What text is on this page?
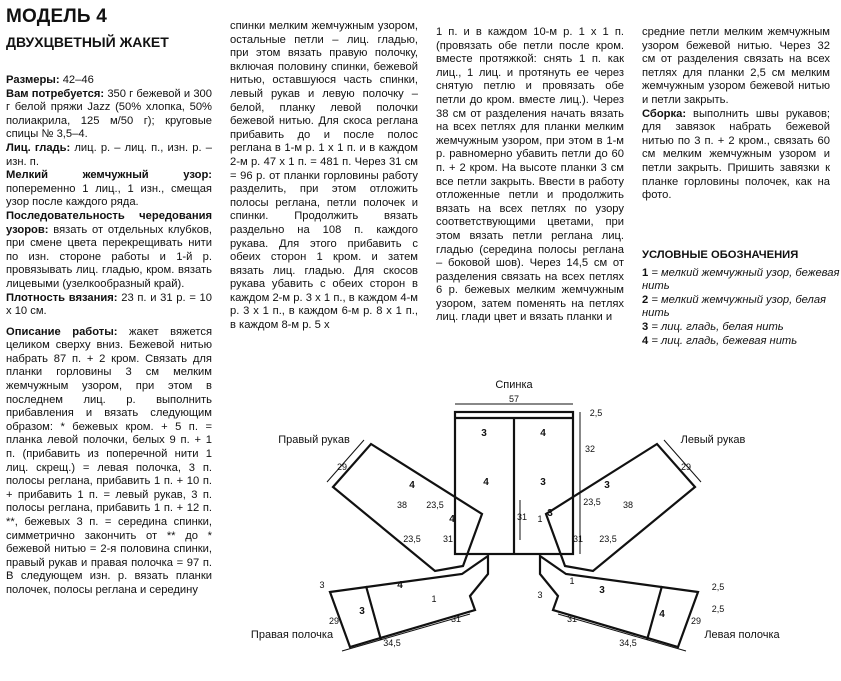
МОДЕЛЬ 4
ДВУХЦВЕТНЫЙ ЖАКЕТ

Размеры: 42–46

Вам потребуется: 350 г бежевой и 300 г белой пряжи Jazz (50% хлопка, 50% полиакрила, 125 м/50 г); круговые спицы № 3,5–4.

Лиц. гладь: лиц. р. – лиц. п., изн. р. – изн. п.

Мелкий жемчужный узор: попеременно 1 лиц., 1 изн., смещая узор после каждого ряда.

Последовательность чередования узоров: вязать от отдельных клубков, при смене цвета перекрещивать нити по изн. стороне работы и 1-й р. провязывать лиц. гладью, кром. вязать лицевыми (узелкообразный край).

Плотность вязания: 23 п. и 31 р. = 10 х 10 см.

Описание работы: жакет вяжется целиком сверху вниз. Бежевой нитью набрать 87 п. + 2 кром. Связать для планки горловины 3 см мелким жемчужным узором, при этом в последнем лиц. р. выполнить прибавления и вязать следующим образом: * бежевых кром. + 5 п. = планка левой полочки, белых 9 п. + 1 п. (прибавить из поперечной нити 1 лиц. скрещ.) = левая полочка, 3 п. полосы реглана, прибавить 1 п. + 10 п. + прибавить 1 п. = левый рукав, 3 п. полосы реглана, прибавить 1 п. + 12 п. **, бежевых 3 п. = середина спинки, симметрично закончить от ** до * бежевой нитью = 2-я половина спинки, правый рукав и правая полочка = 97 п. В следующем изн. р. вязать планки полочек, полосы реглана и середину

спинки мелким жемчужным узором, остальные петли – лиц. гладью, при этом вязать правую полочку, включая половину спинки, бежевой нитью, оставшуюся часть спинки, левый рукав и левую полочку – белой, планку левой полочки бежевой нитью. Для скоса реглана прибавить до и после полос реглана в 1-м р. 1 х 1 п. и в каждом 2-м р. 47 х 1 п. = 481 п. Через 31 см = 96 р. от планки горловины работу разделить, при этом отложить полосы реглана, петли полочек и спинки. Продолжить вязать раздельно на 108 п. каждого рукава. Для этого прибавить с обеих сторон 1 кром. и затем вязать лиц. гладью. Для скосов рукава убавить с обеих сторон в каждом 2-м р. 3 х 1 п., в каждом 4-м р. 3 х 1 п., в каждом 6-м р. 8 х 1 п., в каждом 8-м р. 5 х

1 п. и в каждом 10-м р. 1 х 1 п. (провязать обе петли после кром. вместе протяжкой: снять 1 п. как лиц., 1 лиц. и протянуть ее через снятую петлю и провязать обе петли до кром. вместе лиц.). Через 38 см от разделения начать вязать на всех петлях для планки мелким жемчужным узором, при этом в 1-м р. равномерно убавить петли до 60 п. + 2 кром. На высоте планки 3 см все петли закрыть. Ввести в работу отложенные петли и продолжить вязать на всех петлях по узору соответствующими цветами, при этом вязать петли реглана лиц. гладью (середина полосы реглана – боковой шов). Через 14,5 см от разделения связать на всех петлях 6 р. бежевых мелким жемчужным узором, затем поменять на петлях лиц. глади цвет и вязать планки и

средние петли мелким жемчужным узором бежевой нитью. Через 32 см от разделения связать на всех петлях для планки 2,5 см мелким жемчужным узором бежевой нитью и петли закрыть.

Сборка: выполнить швы рукавов; для завязок набрать бежевой нитью по 3 п. + 2 кром., связать 60 см мелким жемчужным узором и петли закрыть. Пришить завязки к планке горловины полочек, как на фото.

УСЛОВНЫЕ ОБОЗНАЧЕНИЯ
1 = мелкий жемчужный узор, бежевая нить
2 = мелкий жемчужный узор, белая нить
3 = лиц. гладь, белая нить
4 = лиц. гладь, бежевая нить
Спинка
Правый рукав	Левый рукав
Правая полочка	Левая полочка
57
2,5
32
29	29
38	38
23,5
23,5
23,5
23,5
31	31
31 1
3
3
1
1
31	31
29	29
34,5	34,5
2,5
2,5
3	4
4	3
4
4
3
3
3
4
4
3
